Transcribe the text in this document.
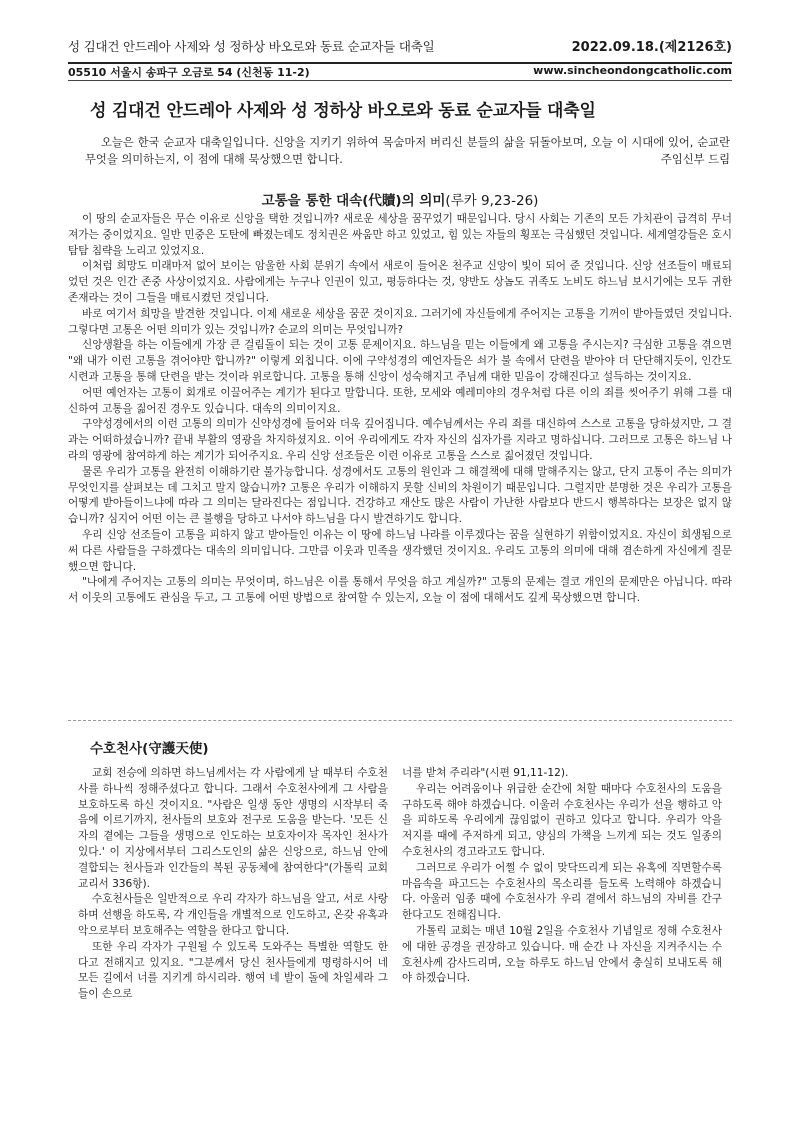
성 김대건 안드레아 사제와 성 정하상 바오로와 동료 순교자들 대축일	2022.09.18.(제2126호)
05510 서울시 송파구 오금로 54 (신천동 11-2)	www.sincheondongcatholic.com
성 김대건 안드레아 사제와 성 정하상 바오로와 동료 순교자들 대축일

오늘은 한국 순교자 대축일입니다. 신앙을 지키기 위하여 목숨마저 버리신 분들의 삶을 뒤돌아보며, 오늘 이 시대에 있어, 순교란 무엇을 의미하는지, 이 점에 대해 묵상했으면 합니다.	주임신부 드림
고통을 통한 대속(代贖)의 의미(루카 9,23-26)

이 땅의 순교자들은 무슨 이유로 신앙을 택한 것입니까? 새로운 세상을 꿈꾸었기 때문입니다. 당시 사회는 기존의 모든 가치관이 급격히 무너져가는 중이었지요. 일반 민중은 도탄에 빠졌는데도 정치권은 싸움만 하고 있었고, 힘 있는 자들의 횡포는 극심했던 것입니다. 세계열강들은 호시탐탐 침략을 노리고 있었지요.

이처럼 희망도 미래마저 없어 보이는 암울한 사회 분위기 속에서 새로이 들어온 천주교 신앙이 빛이 되어 준 것입니다. 신앙 선조들이 매료되었던 것은 인간 존중 사상이었지요. 사람에게는 누구나 인권이 있고, 평등하다는 것, 양반도 상놈도 귀족도 노비도 하느님 보시기에는 모두 귀한 존재라는 것이 그들을 매료시켰던 것입니다.

바로 여기서 희망을 발견한 것입니다. 이제 새로운 세상을 꿈꾼 것이지요. 그러기에 자신들에게 주어지는 고통을 기꺼이 받아들였던 것입니다. 그렇다면 고통은 어떤 의미가 있는 것입니까? 순교의 의미는 무엇입니까?

신앙생활을 하는 이들에게 가장 큰 걸림돌이 되는 것이 고통 문제이지요. 하느님을 믿는 이들에게 왜 고통을 주시는지? 극심한 고통을 겪으면 "왜 내가 이런 고통을 겪어야만 합니까?" 이렇게 외칩니다. 이에 구약성경의 예언자들은 쇠가 불 속에서 단련을 받아야 더 단단해지듯이, 인간도 시련과 고통을 통해 단련을 받는 것이라 위로합니다. 고통을 통해 신앙이 성숙해지고 주님께 대한 믿음이 강해진다고 설득하는 것이지요.

어떤 예언자는 고통이 회개로 이끌어주는 계기가 된다고 말합니다. 또한, 모세와 예레미야의 경우처럼 다른 이의 죄를 씻어주기 위해 그를 대신하여 고통을 짊어진 경우도 있습니다. 대속의 의미이지요.

구약성경에서의 이런 고통의 의미가 신약성경에 들어와 더욱 깊어집니다. 예수님께서는 우리 죄를 대신하여 스스로 고통을 당하셨지만, 그 결과는 어떠하셨습니까? 끝내 부활의 영광을 차지하셨지요. 이어 우리에게도 각자 자신의 십자가를 지라고 명하십니다. 그러므로 고통은 하느님 나라의 영광에 참여하게 하는 계기가 되어주지요. 우리 신앙 선조들은 이런 이유로 고통을 스스로 짊어졌던 것입니다.

물론 우리가 고통을 완전히 이해하기란 불가능합니다. 성경에서도 고통의 원인과 그 해결책에 대해 말해주지는 않고, 단지 고통이 주는 의미가 무엇인지를 살펴보는 데 그치고 말지 않습니까? 고통은 우리가 이해하지 못할 신비의 차원이기 때문입니다. 그럴지만 분명한 것은 우리가 고통을 어떻게 받아들이느냐에 따라 그 의미는 달라진다는 점입니다. 건강하고 재산도 많은 사람이 가난한 사람보다 반드시 행복하다는 보장은 없지 않습니까? 심지어 어떤 이는 큰 불행을 당하고 나서야 하느님을 다시 발견하기도 합니다.

우리 신앙 선조들이 고통을 피하지 않고 받아들인 이유는 이 땅에 하느님 나라를 이루겠다는 꿈을 실현하기 위함이었지요. 자신이 희생됨으로써 다른 사람들을 구하겠다는 대속의 의미입니다. 그만큼 이웃과 민족을 생각했던 것이지요. 우리도 고통의 의미에 대해 겸손하게 자신에게 질문했으면 합니다.

"나에게 주어지는 고통의 의미는 무엇이며, 하느님은 이를 통해서 무엇을 하고 계실까?" 고통의 문제는 결코 개인의 문제만은 아닙니다. 따라서 이웃의 고통에도 관심을 두고, 그 고통에 어떤 방법으로 참여할 수 있는지, 오늘 이 점에 대해서도 깊게 묵상했으면 합니다.

수호천사(守護天使)

교회 전승에 의하면 하느님께서는 각 사람에게 날 때부터 수호천사를 하나씩 정해주셨다고 합니다. 그래서 수호천사에게 그 사람을 보호하도록 하신 것이지요. "사람은 일생 동안 생명의 시작부터 죽음에 이르기까지, 천사들의 보호와 전구로 도움을 받는다. '모든 신자의 곁에는 그들을 생명으로 인도하는 보호자이자 목자인 천사가 있다.' 이 지상에서부터 그리스도인의 삶은 신앙으로, 하느님 안에 결합되는 천사들과 인간들의 복된 공동체에 참여한다"(가톨릭 교회 교리서 336항).

수호천사들은 일반적으로 우리 각자가 하느님을 알고, 서로 사랑하며 선행을 하도록, 각 개인들을 개별적으로 인도하고, 온갖 유혹과 악으로부터 보호해주는 역할을 한다고 합니다.

또한 우리 각자가 구원될 수 있도록 도와주는 특별한 역할도 한다고 전해지고 있지요. "그분께서 당신 천사들에게 명령하시어 네 모든 길에서 너를 지키게 하시리라. 행여 네 발이 돌에 차일세라 그들이 손으로

너를 받쳐 주리라"(시편 91,11-12).

우리는 어려움이나 위급한 순간에 처할 때마다 수호천사의 도움을 구하도록 해야 하겠습니다. 이울러 수호천사는 우리가 선을 행하고 악을 피하도록 우리에게 끊임없이 권하고 있다고 합니다. 우리가 악을 저지를 때에 주저하게 되고, 양심의 가책을 느끼게 되는 것도 일종의 수호천사의 경고라고도 합니다.

그러므로 우리가 어쩔 수 없이 맞닥뜨리게 되는 유혹에 직면할수록 마음속을 파고드는 수호천사의 목소리를 들도록 노력해야 하겠습니다. 아울러 임종 때에 수호천사가 우리 곁에서 하느님의 자비를 간구한다고도 전해집니다.

가톨릭 교회는 매년 10월 2일을 수호천사 기념일로 정해 수호천사에 대한 공경을 권장하고 있습니다. 매 순간 나 자신을 지켜주시는 수호천사께 감사드리며, 오늘 하루도 하느님 안에서 충실히 보내도록 해야 하겠습니다.
